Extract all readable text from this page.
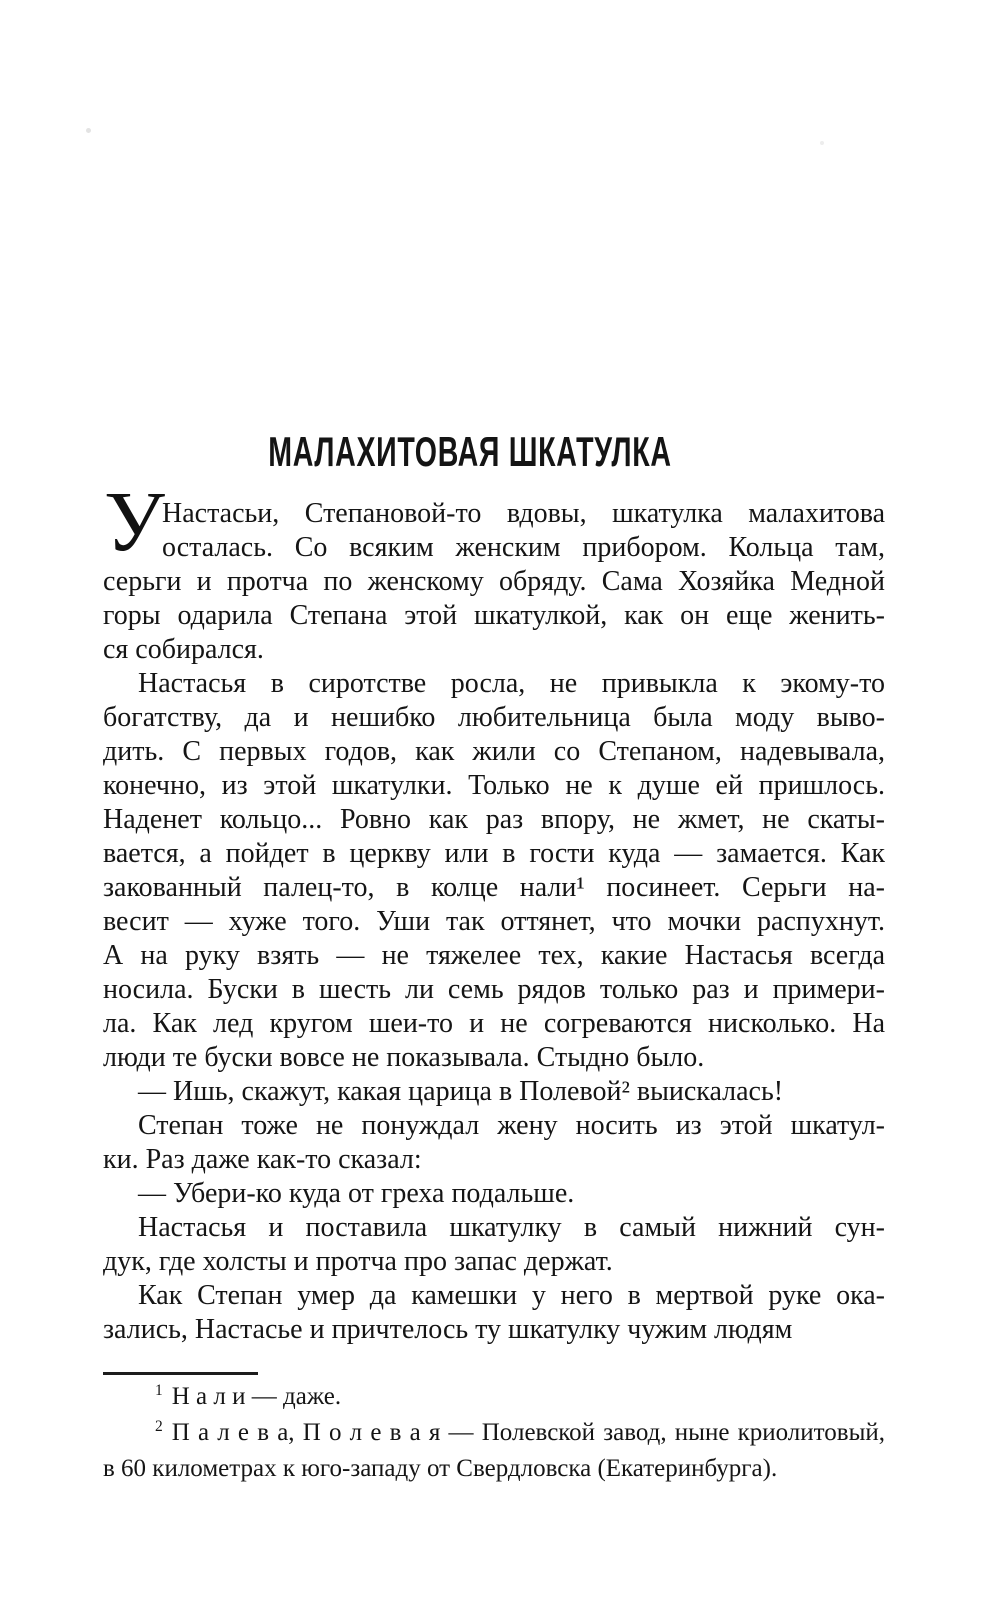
МАЛАХИТОВАЯ ШКАТУЛКА
У
Настасьи, Степановой-то вдовы, шкатулка малахитова
осталась. Со всяким женским прибором. Кольца там,
серьги и протча по женскому обряду. Сама Хозяйка Медной
горы одарила Степана этой шкатулкой, как он еще женить-
ся собирался.
Настасья в сиротстве росла, не привыкла к экому-то
богатству, да и нешибко любительница была моду выво-
дить. С первых годов, как жили со Степаном, надевывала,
конечно, из этой шкатулки. Только не к душе ей пришлось.
Наденет кольцо... Ровно как раз впору, не жмет, не скаты-
вается, а пойдет в церкву или в гости куда — замается. Как
закованный палец-то, в колце нали¹ посинеет. Серьги на-
весит — хуже того. Уши так оттянет, что мочки распухнут.
А на руку взять — не тяжелее тех, какие Настасья всегда
носила. Буски в шесть ли семь рядов только раз и примери-
ла. Как лед кругом шеи-то и не согреваются нисколько. На
люди те буски вовсе не показывала. Стыдно было.
— Ишь, скажут, какая царица в Полевой² выискалась!
Степан тоже не понуждал жену носить из этой шкатул-
ки. Раз даже как-то сказал:
— Убери-ко куда от греха подальше.
Настасья и поставила шкатулку в самый нижний сун-
дук, где холсты и протча про запас держат.
Как Степан умер да камешки у него в мертвой руке ока-
зались, Настасье и причтелось ту шкатулку чужим людям
$^1$ Н а л и — даже.
$^2$ П а л е в а, П о л е в а я — Полевской завод, ныне криолитовый,
в 60 километрах к юго-западу от Свердловска (Екатеринбурга).
